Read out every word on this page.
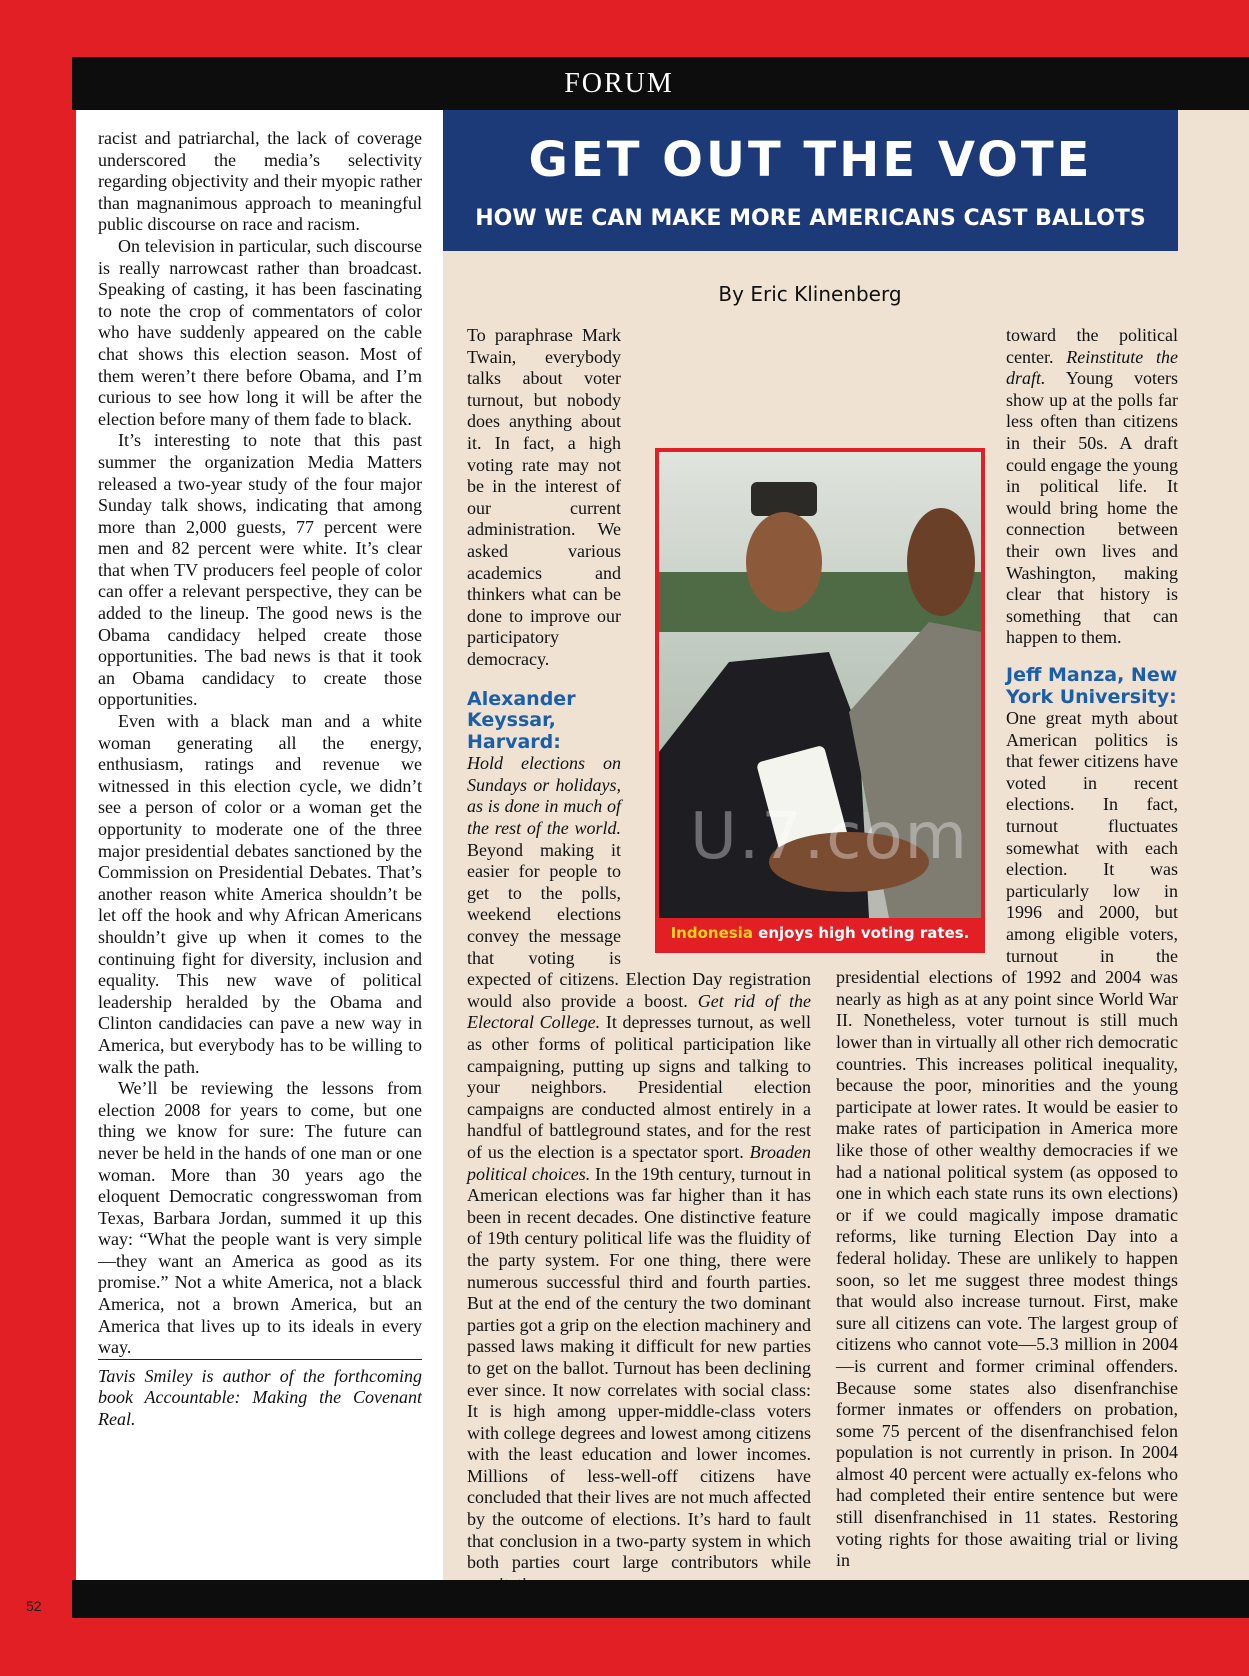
FORUM
GET OUT THE VOTE
HOW WE CAN MAKE MORE AMERICANS CAST BALLOTS
By Eric Klinenberg

racist and patriarchal, the lack of coverage underscored the media’s selectivity regarding objectivity and their myopic rather than magnanimous approach to meaningful public discourse on race and racism.

On television in particular, such discourse is really narrowcast rather than broadcast. Speaking of casting, it has been fascinating to note the crop of commentators of color who have suddenly appeared on the cable chat shows this election season. Most of them weren’t there before Obama, and I’m curious to see how long it will be after the election before many of them fade to black.

It’s interesting to note that this past summer the organization Media Matters released a two-year study of the four major Sunday talk shows, indicating that among more than 2,000 guests, 77 percent were men and 82 percent were white. It’s clear that when TV producers feel people of color can offer a relevant perspective, they can be added to the lineup. The good news is the Obama candidacy helped create those opportunities. The bad news is that it took an Obama candidacy to create those opportunities.

Even with a black man and a white woman generating all the energy, enthusiasm, ratings and revenue we witnessed in this election cycle, we didn’t see a person of color or a woman get the opportunity to moderate one of the three major presidential debates sanctioned by the Commission on Presidential Debates. That’s another reason white America shouldn’t be let off the hook and why African Americans shouldn’t give up when it comes to the continuing fight for diversity, inclusion and equality. This new wave of political leadership heralded by the Obama and Clinton candidacies can pave a new way in America, but everybody has to be willing to walk the path.

We’ll be reviewing the lessons from election 2008 for years to come, but one thing we know for sure: The future can never be held in the hands of one man or one woman. More than 30 years ago the eloquent Democratic congresswoman from Texas, Barbara Jordan, summed it up this way: “What the people want is very simple—they want an America as good as its promise.” Not a white America, not a black America, not a brown America, but an America that lives up to its ideals in every way.

Tavis Smiley is author of the forthcoming book Accountable: Making the Covenant Real.

To paraphrase Mark Twain, everybody talks about voter turnout, but nobody does anything about it. In fact, a high voting rate may not be in the interest of our current administration. We asked various academics and thinkers what can be done to improve our participatory democracy.

Alexander Keyssar, Harvard:
Hold elections on Sundays or holidays, as is done in much of the rest of the world. Beyond making it easier for people to get to the polls, weekend elections convey the message that voting is expected of citizens. Election Day registration would also provide a boost. Get rid of the Electoral College. It depresses turnout, as well as other forms of political participation like campaigning, putting up signs and talking to your neighbors. Presidential election campaigns are conducted almost entirely in a handful of battleground states, and for the rest of us the election is a spectator sport. Broaden political choices. In the 19th century, turnout in American elections was far higher than it has been in recent decades. One distinctive feature of 19th century political life was the fluidity of the party system. For one thing, there were numerous successful third and fourth parties. But at the end of the century the two dominant parties got a grip on the election machinery and passed laws making it difficult for new parties to get on the ballot. Turnout has been declining ever since. It now correlates with social class: It is high among upper-middle-class voters with college degrees and lowest among citizens with the least education and lower incomes. Millions of less-well-off citizens have concluded that their lives are not much affected by the outcome of elections. It’s hard to fault that conclusion in a two-party system in which both parties court large contributors while

toward the political center. Reinstitute the draft. Young voters show up at the polls far less often than citizens in their 50s. A draft could engage the young in political life. It would bring home the connection between their own lives and Washington, making clear that history is something that can happen to them.

Jeff Manza, New York University:
One great myth about American politics is that fewer citizens have voted in recent elections. In fact, turnout fluctuates somewhat with each election. It was particularly low in 1996 and 2000, but among eligible voters, turnout in the presidential elections of 1992 and 2004 was nearly as high as at any point since World War II. Nonetheless, voter turnout is still much lower than in virtually all other rich democratic countries. This increases political inequality, because the poor, minorities and the young participate at lower rates. It would be easier to make rates of participation in America more like those of other wealthy democracies if we had a national political system (as opposed to one in which each state runs its own elections) or if we could magically impose dramatic reforms, like turning Election Day into a federal holiday. These are unlikely to happen soon, so let me suggest three modest things that would also increase turnout. First, make sure all citizens can vote. The largest group of citizens who cannot vote—5.3 million in 2004—is current and former criminal offenders. Because some states also disenfranchise former inmates or offenders on probation, some 75 percent of the disenfranchised felon population is not currently in prison. In 2004 almost 40 percent were actually ex-felons who had completed their entire sentence but were still disenfranchised in 11 states. Restoring voting rights for those awaiting trial or living in

Indonesia enjoys high voting rates.
U.7.com
52
